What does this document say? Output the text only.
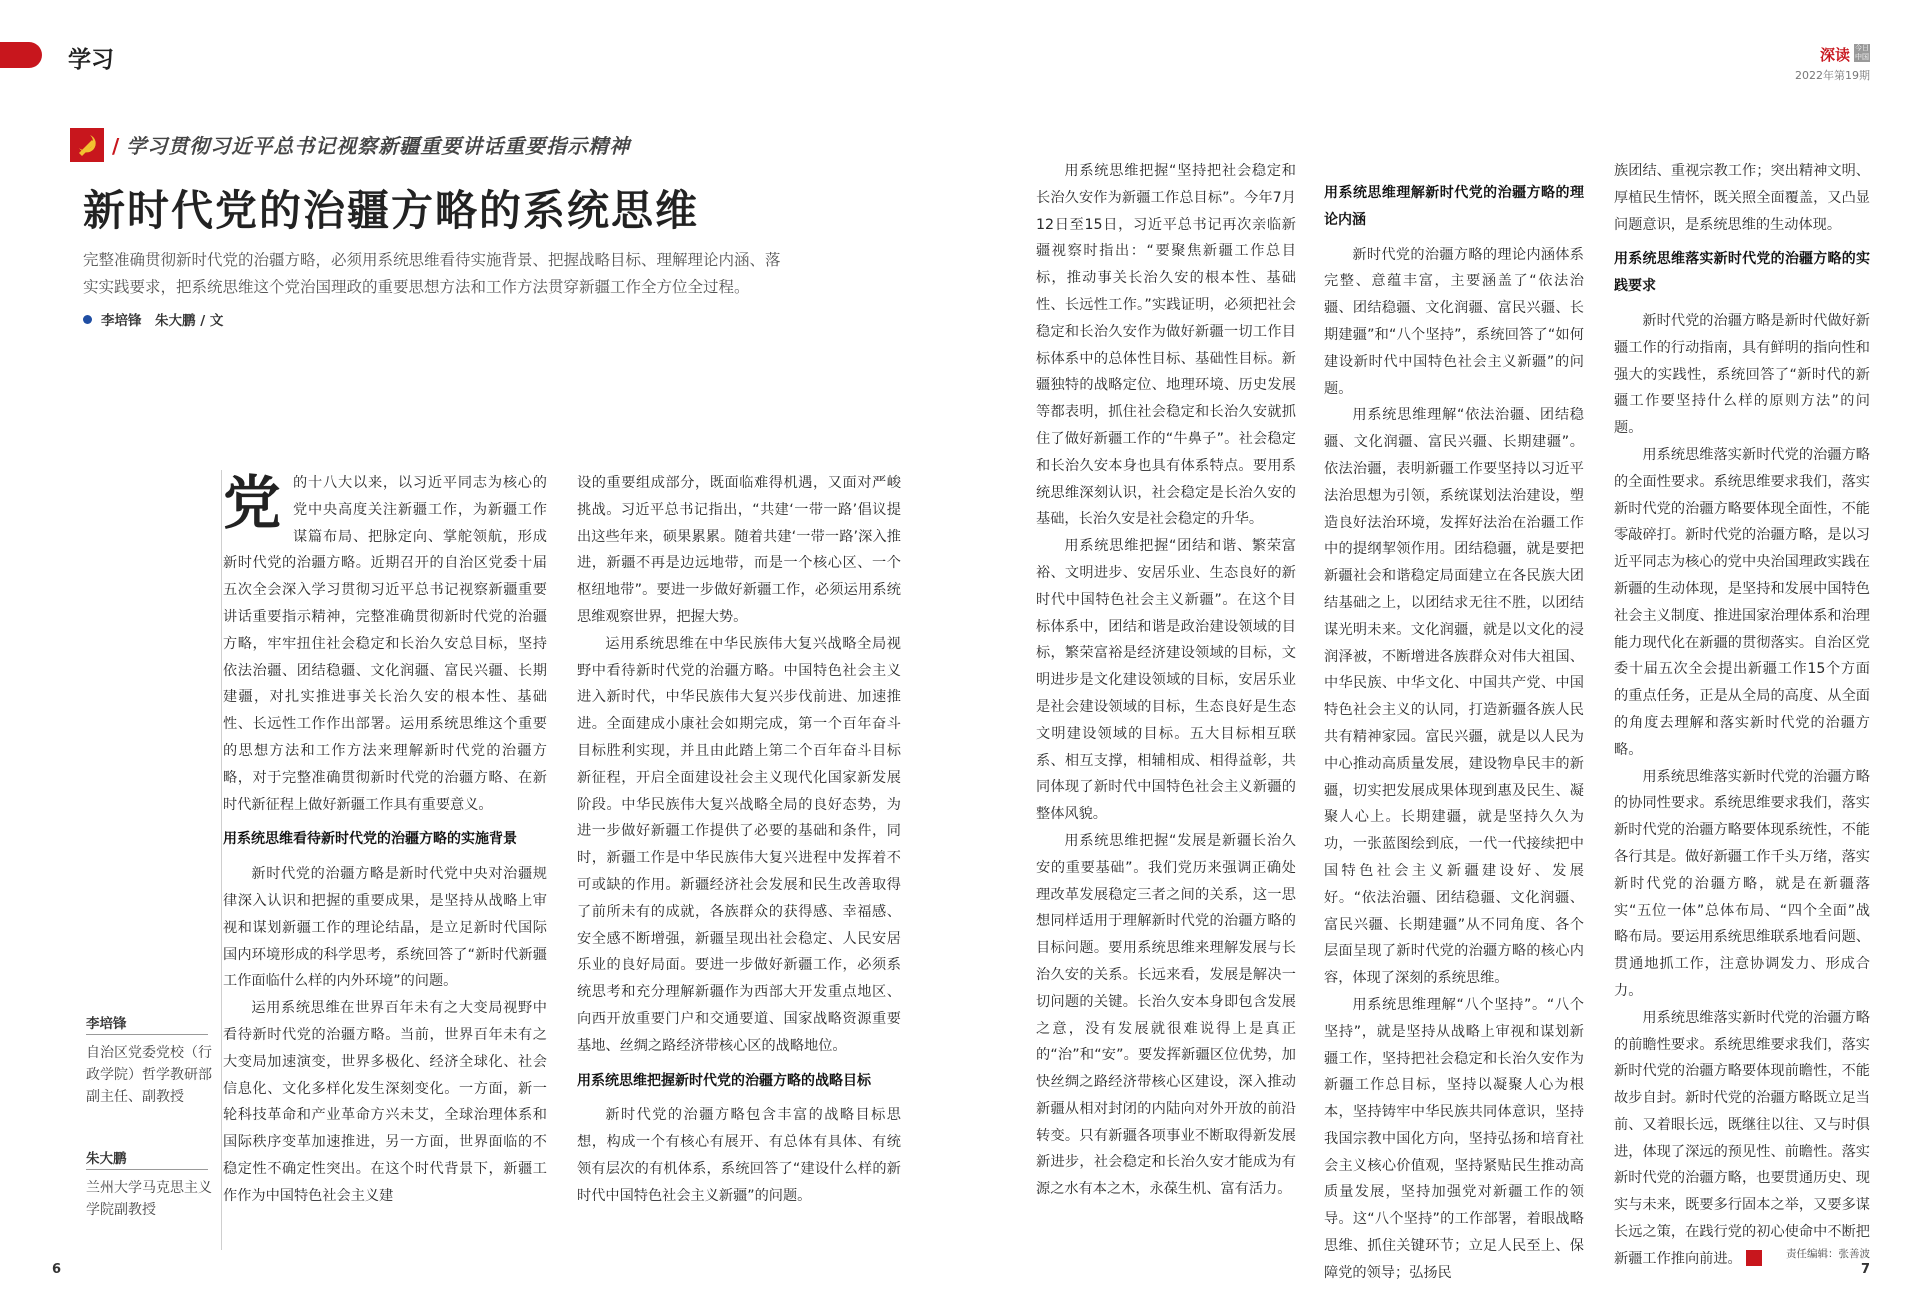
学习	深读 今日中国
2022年第19期
/ 学习贯彻习近平总书记视察新疆重要讲话重要指示精神
新时代党的治疆方略的系统思维
完整准确贯彻新时代党的治疆方略，必须用系统思维看待实施背景、把握战略目标、理解理论内涵、落实实践要求，把系统思维这个党治国理政的重要思想方法和工作方法贯穿新疆工作全方位全过程。
李培锋　朱大鹏 / 文
李培锋
自治区党委党校（行政学院）哲学教研部副主任、副教授
朱大鹏
兰州大学马克思主义学院副教授

党的十八大以来，以习近平同志为核心的党中央高度关注新疆工作，为新疆工作谋篇布局、把脉定向、掌舵领航，形成新时代党的治疆方略。近期召开的自治区党委十届五次全会深入学习贯彻习近平总书记视察新疆重要讲话重要指示精神，完整准确贯彻新时代党的治疆方略，牢牢扭住社会稳定和长治久安总目标，坚持依法治疆、团结稳疆、文化润疆、富民兴疆、长期建疆，对扎实推进事关长治久安的根本性、基础性、长远性工作作出部署。运用系统思维这个重要的思想方法和工作方法来理解新时代党的治疆方略，对于完整准确贯彻新时代党的治疆方略、在新时代新征程上做好新疆工作具有重要意义。

用系统思维看待新时代党的治疆方略的实施背景

新时代党的治疆方略是新时代党中央对治疆规律深入认识和把握的重要成果，是坚持从战略上审视和谋划新疆工作的理论结晶，是立足新时代国际国内环境形成的科学思考，系统回答了“新时代新疆工作面临什么样的内外环境”的问题。

运用系统思维在世界百年未有之大变局视野中看待新时代党的治疆方略。当前，世界百年未有之大变局加速演变，世界多极化、经济全球化、社会信息化、文化多样化发生深刻变化。一方面，新一轮科技革命和产业革命方兴未艾，全球治理体系和国际秩序变革加速推进，另一方面，世界面临的不稳定性不确定性突出。在这个时代背景下，新疆工作作为中国特色社会主义建

设的重要组成部分，既面临难得机遇，又面对严峻挑战。习近平总书记指出，“共建‘一带一路’倡议提出这些年来，硕果累累。随着共建‘一带一路’深入推进，新疆不再是边远地带，而是一个核心区、一个枢纽地带”。要进一步做好新疆工作，必须运用系统思维观察世界，把握大势。

运用系统思维在中华民族伟大复兴战略全局视野中看待新时代党的治疆方略。中国特色社会主义进入新时代，中华民族伟大复兴步伐前进、加速推进。全面建成小康社会如期完成，第一个百年奋斗目标胜利实现，并且由此踏上第二个百年奋斗目标新征程，开启全面建设社会主义现代化国家新发展阶段。中华民族伟大复兴战略全局的良好态势，为进一步做好新疆工作提供了必要的基础和条件，同时，新疆工作是中华民族伟大复兴进程中发挥着不可或缺的作用。新疆经济社会发展和民生改善取得了前所未有的成就，各族群众的获得感、幸福感、安全感不断增强，新疆呈现出社会稳定、人民安居乐业的良好局面。要进一步做好新疆工作，必须系统思考和充分理解新疆作为西部大开发重点地区、向西开放重要门户和交通要道、国家战略资源重要基地、丝绸之路经济带核心区的战略地位。

用系统思维把握新时代党的治疆方略的战略目标

新时代党的治疆方略包含丰富的战略目标思想，构成一个有核心有展开、有总体有具体、有统领有层次的有机体系，系统回答了“建设什么样的新时代中国特色社会主义新疆”的问题。

用系统思维把握“坚持把社会稳定和长治久安作为新疆工作总目标”。今年7月12日至15日，习近平总书记再次亲临新疆视察时指出：“要聚焦新疆工作总目标，推动事关长治久安的根本性、基础性、长远性工作。”实践证明，必须把社会稳定和长治久安作为做好新疆一切工作目标体系中的总体性目标、基础性目标。新疆独特的战略定位、地理环境、历史发展等都表明，抓住社会稳定和长治久安就抓住了做好新疆工作的“牛鼻子”。社会稳定和长治久安本身也具有体系特点。要用系统思维深刻认识，社会稳定是长治久安的基础，长治久安是社会稳定的升华。

用系统思维把握“团结和谐、繁荣富裕、文明进步、安居乐业、生态良好的新时代中国特色社会主义新疆”。在这个目标体系中，团结和谐是政治建设领域的目标，繁荣富裕是经济建设领域的目标，文明进步是文化建设领域的目标，安居乐业是社会建设领域的目标，生态良好是生态文明建设领域的目标。五大目标相互联系、相互支撑，相辅相成、相得益彰，共同体现了新时代中国特色社会主义新疆的整体风貌。

用系统思维把握“发展是新疆长治久安的重要基础”。我们党历来强调正确处理改革发展稳定三者之间的关系，这一思想同样适用于理解新时代党的治疆方略的目标问题。要用系统思维来理解发展与长治久安的关系。长远来看，发展是解决一切问题的关键。长治久安本身即包含发展之意，没有发展就很难说得上是真正的“治”和“安”。要发挥新疆区位优势，加快丝绸之路经济带核心区建设，深入推动新疆从相对封闭的内陆向对外开放的前沿转变。只有新疆各项事业不断取得新发展新进步，社会稳定和长治久安才能成为有源之水有本之木，永葆生机、富有活力。

用系统思维理解新时代党的治疆方略的理论内涵

新时代党的治疆方略的理论内涵体系完整、意蕴丰富，主要涵盖了“依法治疆、团结稳疆、文化润疆、富民兴疆、长期建疆”和“八个坚持”，系统回答了“如何建设新时代中国特色社会主义新疆”的问题。

用系统思维理解“依法治疆、团结稳疆、文化润疆、富民兴疆、长期建疆”。依法治疆，表明新疆工作要坚持以习近平法治思想为引领，系统谋划法治建设，塑造良好法治环境，发挥好法治在治疆工作中的提纲挈领作用。团结稳疆，就是要把新疆社会和谐稳定局面建立在各民族大团结基础之上，以团结求无往不胜，以团结谋光明未来。文化润疆，就是以文化的浸润泽被，不断增进各族群众对伟大祖国、中华民族、中华文化、中国共产党、中国特色社会主义的认同，打造新疆各族人民共有精神家园。富民兴疆，就是以人民为中心推动高质量发展，建设物阜民丰的新疆，切实把发展成果体现到惠及民生、凝聚人心上。长期建疆，就是坚持久久为功，一张蓝图绘到底，一代一代接续把中国特色社会主义新疆建设好、发展好。“依法治疆、团结稳疆、文化润疆、富民兴疆、长期建疆”从不同角度、各个层面呈现了新时代党的治疆方略的核心内容，体现了深刻的系统思维。

用系统思维理解“八个坚持”。“八个坚持”，就是坚持从战略上审视和谋划新疆工作，坚持把社会稳定和长治久安作为新疆工作总目标，坚持以凝聚人心为根本，坚持铸牢中华民族共同体意识，坚持我国宗教中国化方向，坚持弘扬和培育社会主义核心价值观，坚持紧贴民生推动高质量发展，坚持加强党对新疆工作的领导。这“八个坚持”的工作部署，着眼战略思维、抓住关键环节；立足人民至上、保障党的领导；弘扬民

族团结、重视宗教工作；突出精神文明、厚植民生情怀，既关照全面覆盖，又凸显问题意识，是系统思维的生动体现。

用系统思维落实新时代党的治疆方略的实践要求

新时代党的治疆方略是新时代做好新疆工作的行动指南，具有鲜明的指向性和强大的实践性，系统回答了“新时代的新疆工作要坚持什么样的原则方法”的问题。

用系统思维落实新时代党的治疆方略的全面性要求。系统思维要求我们，落实新时代党的治疆方略要体现全面性，不能零敲碎打。新时代党的治疆方略，是以习近平同志为核心的党中央治国理政实践在新疆的生动体现，是坚持和发展中国特色社会主义制度、推进国家治理体系和治理能力现代化在新疆的贯彻落实。自治区党委十届五次全会提出新疆工作15个方面的重点任务，正是从全局的高度、从全面的角度去理解和落实新时代党的治疆方略。

用系统思维落实新时代党的治疆方略的协同性要求。系统思维要求我们，落实新时代党的治疆方略要体现系统性，不能各行其是。做好新疆工作千头万绪，落实新时代党的治疆方略，就是在新疆落实“五位一体”总体布局、“四个全面”战略布局。要运用系统思维联系地看问题、贯通地抓工作，注意协调发力、形成合力。

用系统思维落实新时代党的治疆方略的前瞻性要求。系统思维要求我们，落实新时代党的治疆方略要体现前瞻性，不能故步自封。新时代党的治疆方略既立足当前、又着眼长远，既继往以往、又与时俱进，体现了深远的预见性、前瞻性。落实新时代党的治疆方略，也要贯通历史、现实与未来，既要多行固本之举，又要多谋长远之策，在践行党的初心使命中不断把新疆工作推向前进。	责任编辑：张善波
6	7
